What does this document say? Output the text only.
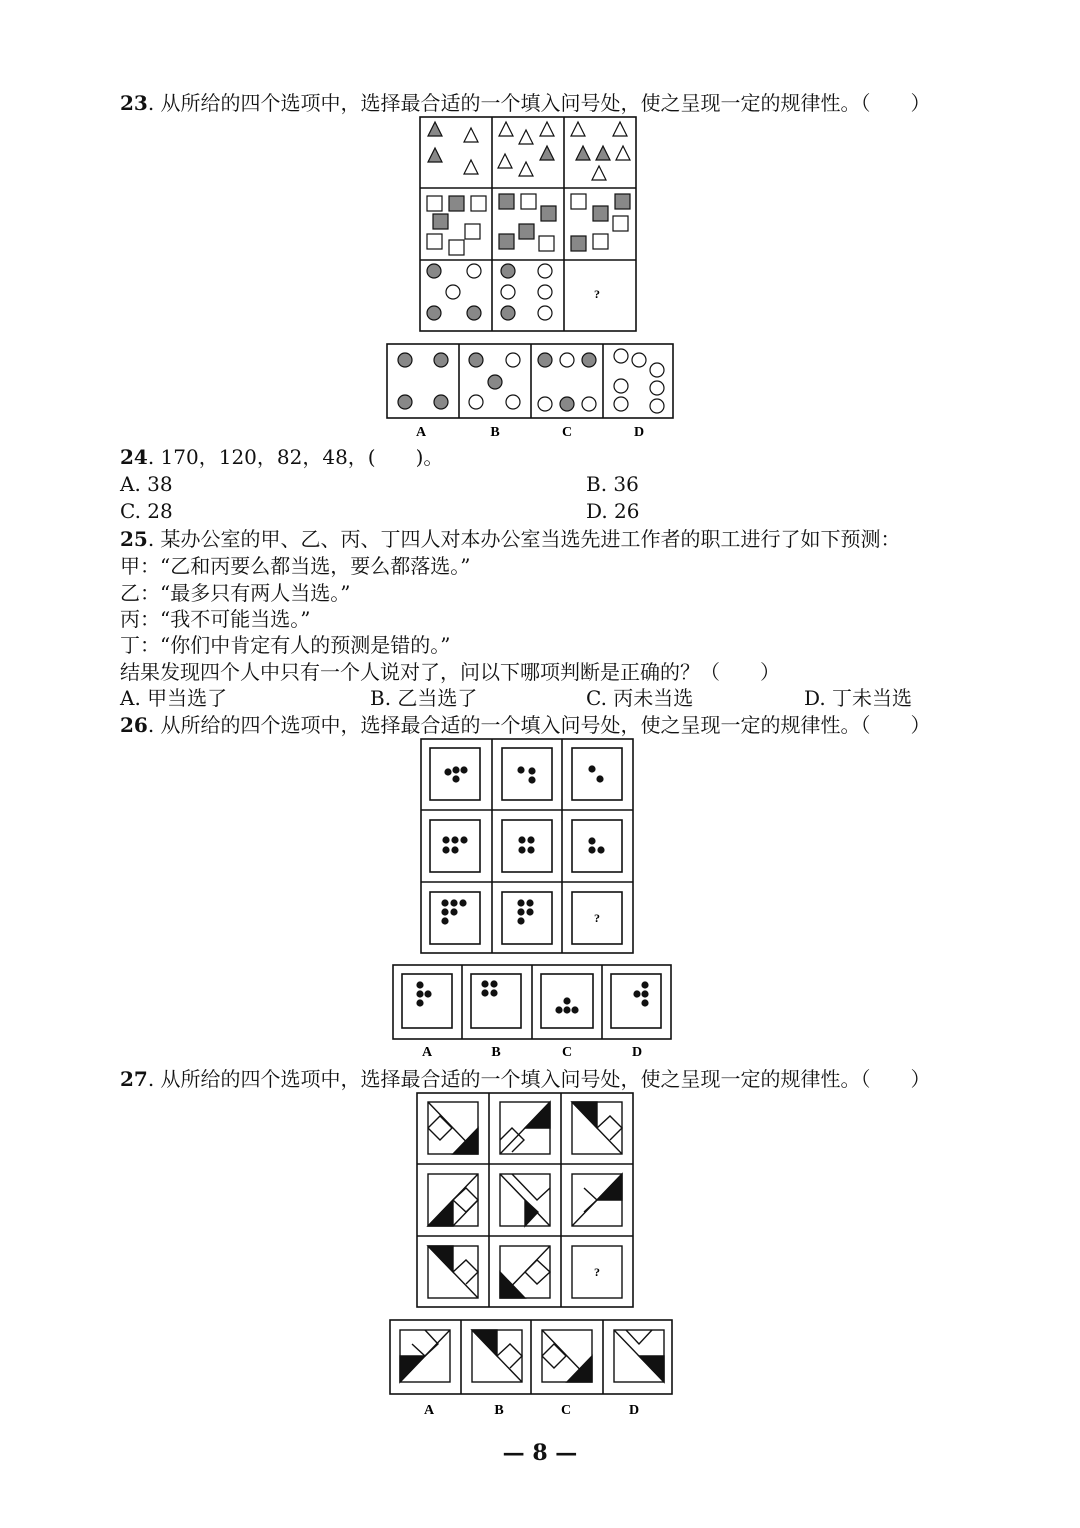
23. 从所给的四个选项中，选择最合适的一个填入问号处，使之呈现一定的规律性。（　　）
?
A	B	C	D
24. 170，120，82，48，(　　)。
A. 38	B. 36
C. 28	D. 26
25. 某办公室的甲、乙、丙、丁四人对本办公室当选先进工作者的职工进行了如下预测：
甲：“乙和丙要么都当选，要么都落选。”
乙：“最多只有两人当选。”
丙：“我不可能当选。”
丁：“你们中肯定有人的预测是错的。”
结果发现四个人中只有一个人说对了，问以下哪项判断是正确的？（　　）
A. 甲当选了	B. 乙当选了	C. 丙未当选	D. 丁未当选
26. 从所给的四个选项中，选择最合适的一个填入问号处，使之呈现一定的规律性。（　　）
?
A	B	C	D
27. 从所给的四个选项中，选择最合适的一个填入问号处，使之呈现一定的规律性。（　　）
?
A	B	C	D
— 8 —
